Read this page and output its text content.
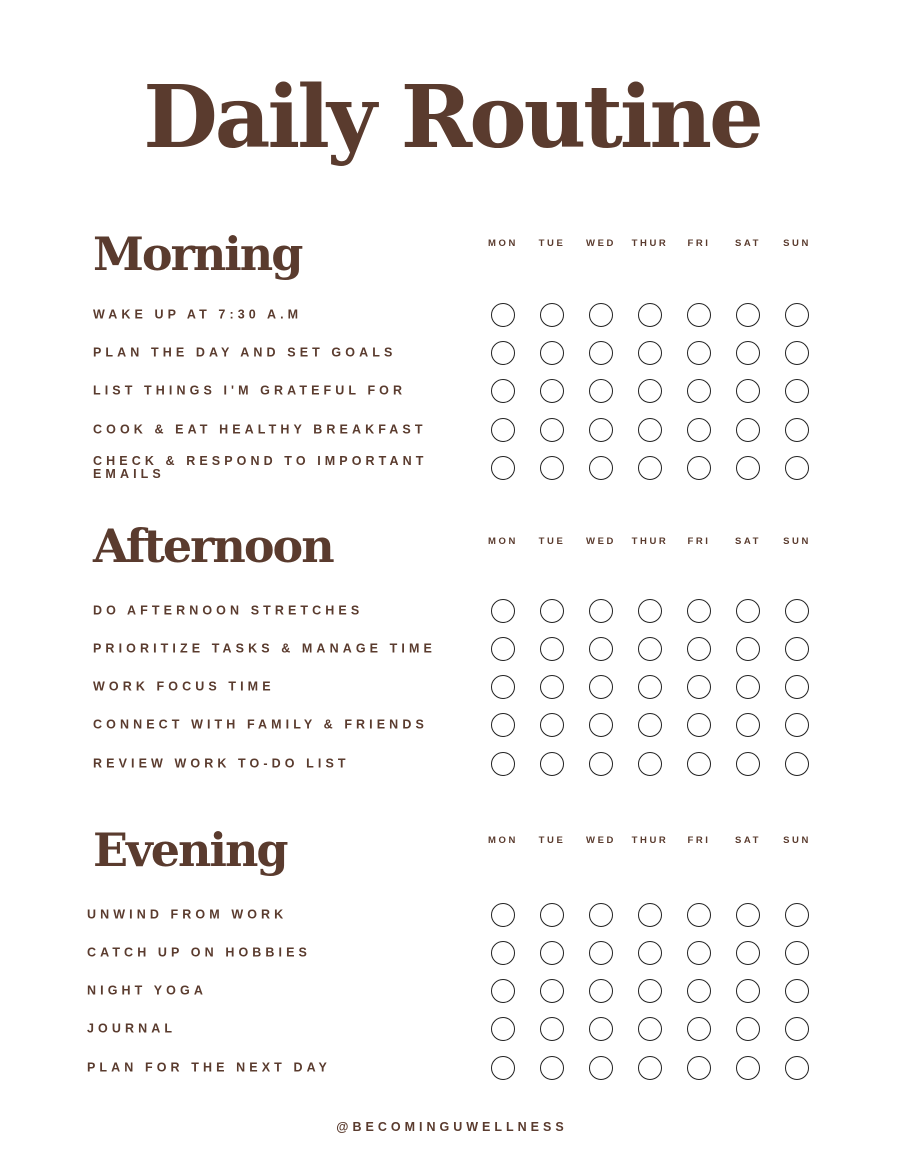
Daily Routine
Morning	MON	TUE	WED	THUR	FRI	SAT	SUN
WAKE UP AT 7:30 A.M
PLAN THE DAY AND SET GOALS
LIST THINGS I'M GRATEFUL FOR
COOK & EAT HEALTHY BREAKFAST
CHECK & RESPOND TO IMPORTANT EMAILS
Afternoon	MON	TUE	WED	THUR	FRI	SAT	SUN
DO AFTERNOON STRETCHES
PRIORITIZE TASKS & MANAGE TIME
WORK FOCUS TIME
CONNECT WITH FAMILY & FRIENDS
REVIEW WORK TO-DO LIST
Evening	MON	TUE	WED	THUR	FRI	SAT	SUN
UNWIND FROM WORK
CATCH UP ON HOBBIES
NIGHT YOGA
JOURNAL
PLAN FOR THE NEXT DAY
@BECOMINGUWELLNESS
